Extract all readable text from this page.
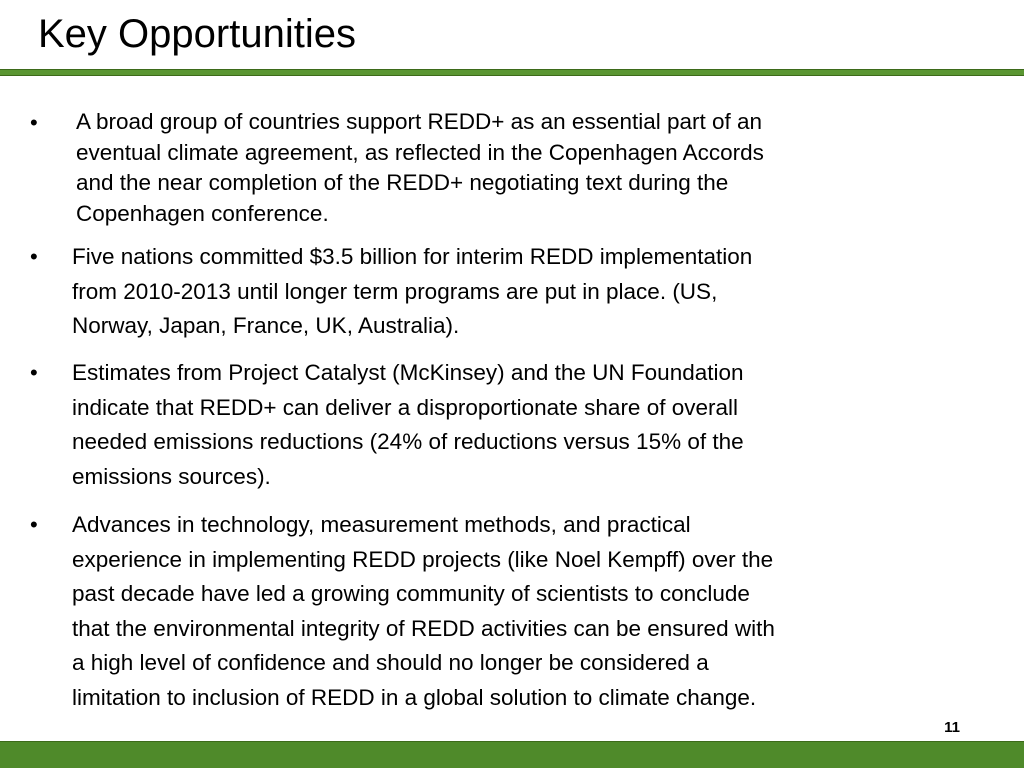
Key Opportunities
• A broad group of countries support REDD+ as an essential part of an
eventual climate agreement, as reflected in the Copenhagen Accords
and the near completion of the REDD+ negotiating text during the
Copenhagen conference.
• Five nations committed $3.5 billion for interim REDD implementation
from 2010-2013 until longer term programs are put in place. (US,
Norway, Japan, France, UK, Australia).
• Estimates from Project Catalyst (McKinsey) and the UN Foundation
indicate that REDD+ can deliver a disproportionate share of overall
needed emissions reductions (24% of reductions versus 15% of the
emissions sources).
• Advances in technology, measurement methods, and practical
experience in implementing REDD projects (like Noel Kempff) over the
past decade have led a growing community of scientists to conclude
that the environmental integrity of REDD activities can be ensured with
a high level of confidence and should no longer be considered a
limitation to inclusion of REDD in a global solution to climate change.
11
